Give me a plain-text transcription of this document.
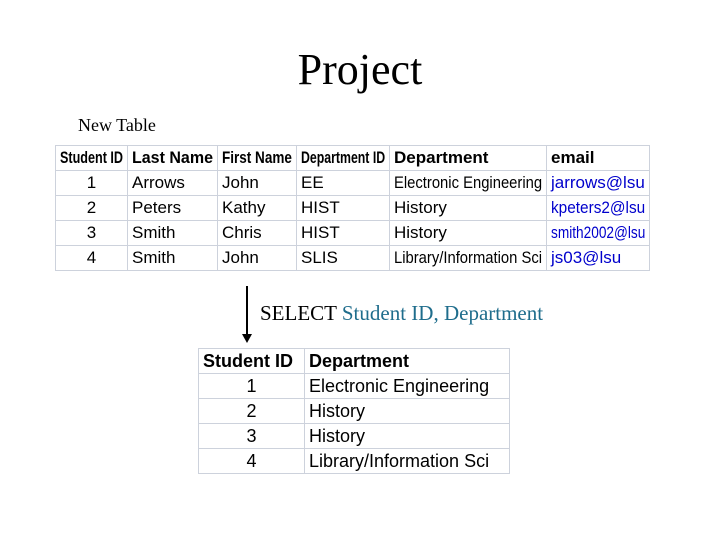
Project
New Table
Student ID	Last Name	First Name	Department ID	Department	email
1	Arrows	John	EE	Electronic Engineering	jarrows@lsu
2	Peters	Kathy	HIST	History	kpeters2@lsu
3	Smith	Chris	HIST	History	smith2002@lsu
4	Smith	John	SLIS	Library/Information Sci	js03@lsu
SELECT Student ID, Department
Student ID	Department
1	Electronic Engineering
2	History
3	History
4	Library/Information Sci
